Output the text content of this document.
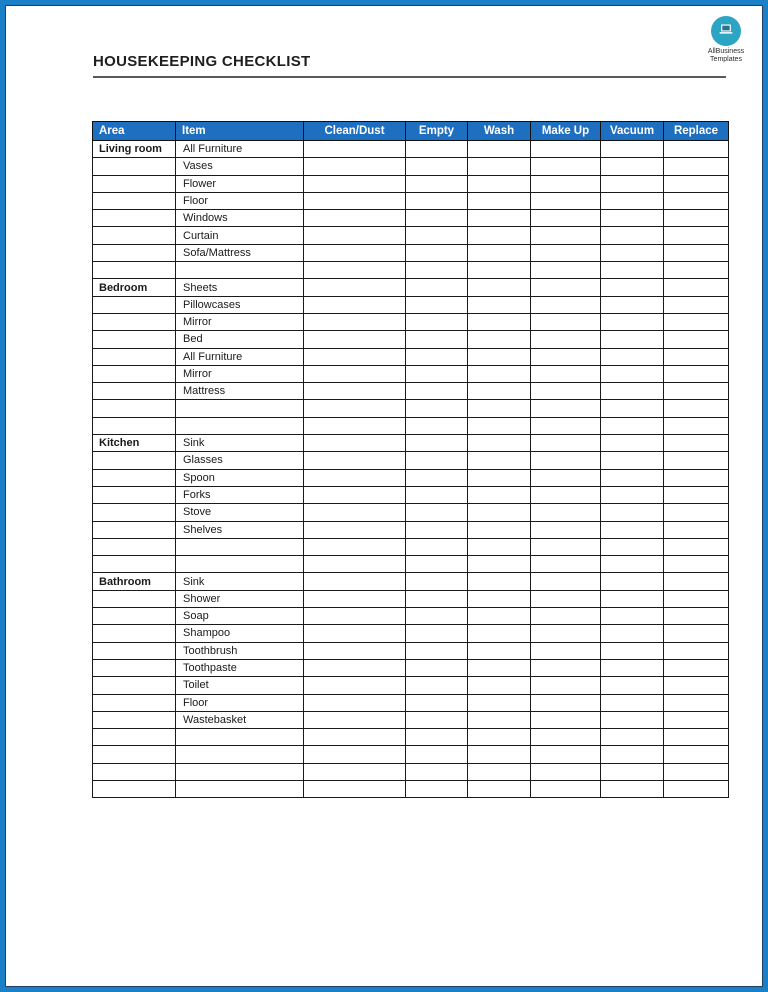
HOUSEKEEPING CHECKLIST
AllBusiness
Templates
Area	Item	Clean/Dust	Empty	Wash	Make Up	Vacuum	Replace
Living room	All Furniture						
	Vases						
	Flower						
	Floor						
	Windows						
	Curtain						
	Sofa/Mattress						

Bedroom	Sheets						
	Pillowcases						
	Mirror						
	Bed						
	All Furniture						
	Mirror						
	Mattress						

Kitchen	Sink						
	Glasses						
	Spoon						
	Forks						
	Stove						
	Shelves						

Bathroom	Sink						
	Shower						
	Soap						
	Shampoo						
	Toothbrush						
	Toothpaste						
	Toilet						
	Floor						
	Wastebasket						
